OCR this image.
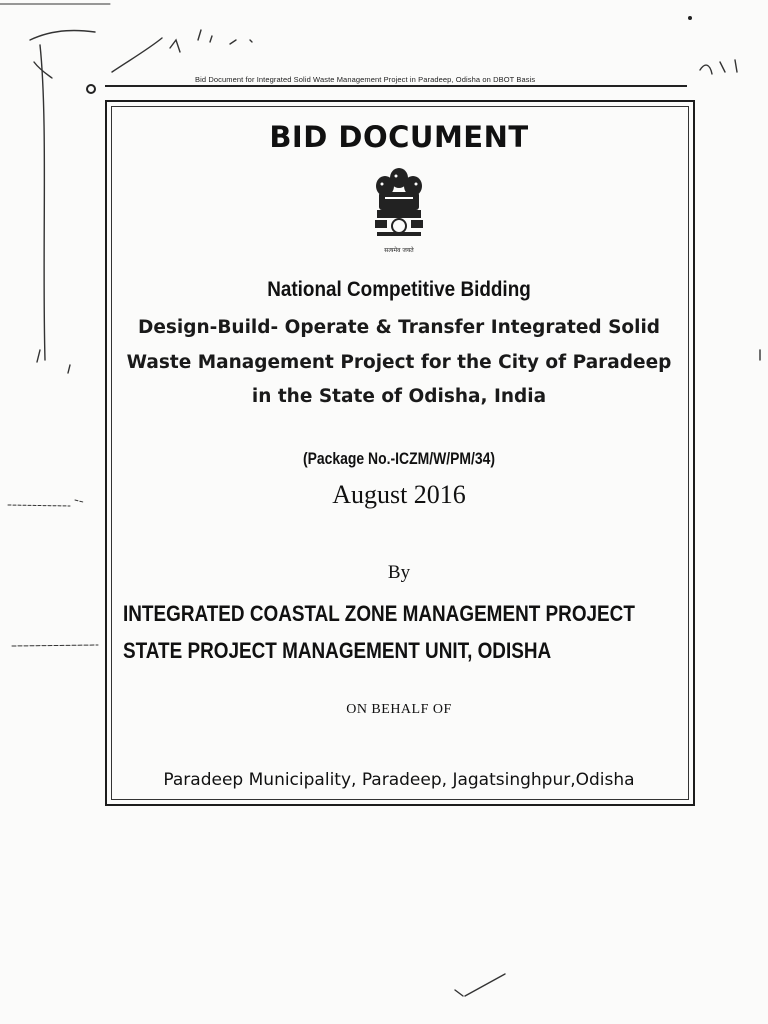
Bid Document for Integrated Solid Waste Management Project in Paradeep, Odisha on DBOT Basis
BID DOCUMENT
सत्यमेव जयते
National Competitive Bidding
Design-Build- Operate & Transfer Integrated Solid
Waste Management Project for the City of Paradeep
in the State of Odisha, India
(Package No.-ICZM/W/PM/34)
August 2016
By
INTEGRATED COASTAL ZONE MANAGEMENT PROJECT
STATE PROJECT MANAGEMENT UNIT, ODISHA
ON BEHALF OF
Paradeep Municipality, Paradeep, Jagatsinghpur,Odisha
